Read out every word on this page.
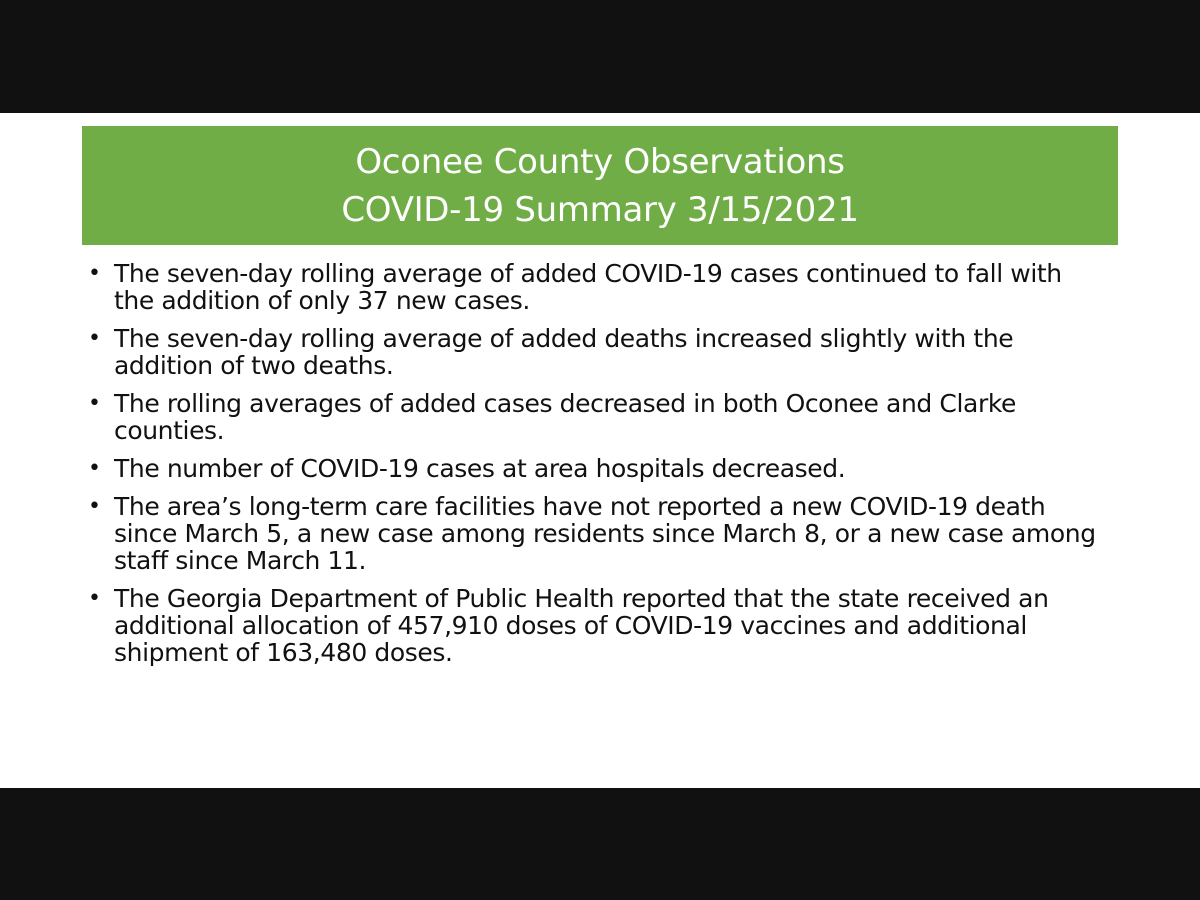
Oconee County Observations
COVID-19 Summary 3/15/2021
• The seven-day rolling average of added COVID-19 cases continued to fall with the addition of only 37 new cases.
• The seven-day rolling average of added deaths increased slightly with the addition of two deaths.
• The rolling averages of added cases decreased in both Oconee and Clarke counties.
• The number of COVID-19 cases at area hospitals decreased.
• The area’s long-term care facilities have not reported a new COVID-19 death since March 5, a new case among residents since March 8, or a new case among staff since March 11.
• The Georgia Department of Public Health reported that the state received an additional allocation of 457,910 doses of COVID-19 vaccines and additional shipment of 163,480 doses.
